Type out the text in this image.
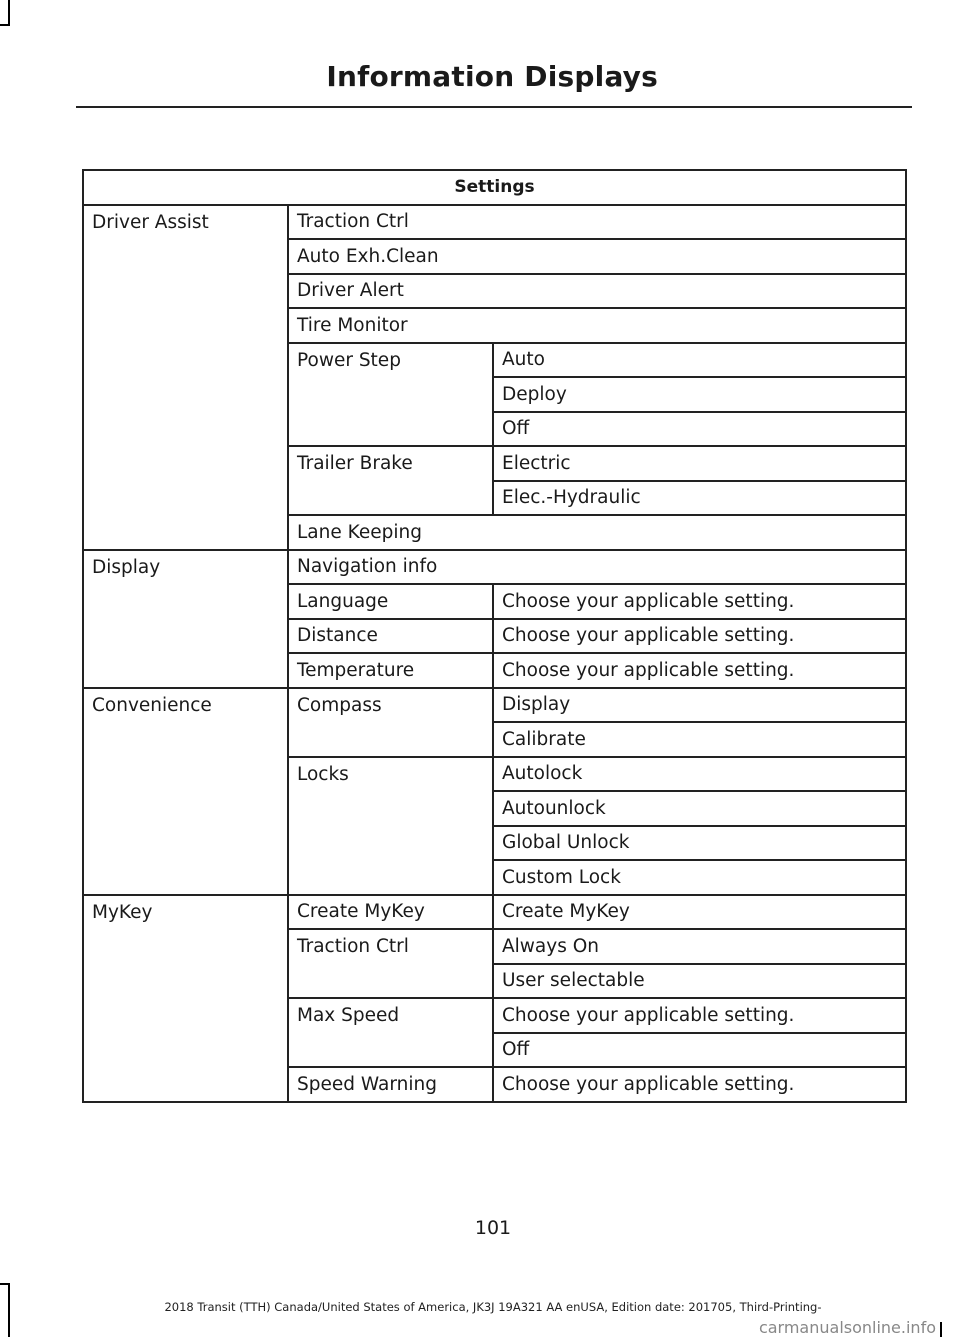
Information Displays
Settings		
Driver Assist	Traction Ctrl	
	Auto Exh.Clean	
	Driver Alert	
	Tire Monitor	
	Power Step	Auto
		Deploy
		Off
	Trailer Brake	Electric
		Elec.-Hydraulic
	Lane Keeping	
Display	Navigation info	
	Language	Choose your applicable setting.
	Distance	Choose your applicable setting.
	Temperature	Choose your applicable setting.
Convenience	Compass	Display
		Calibrate
	Locks	Autolock
		Autounlock
		Global Unlock
		Custom Lock
MyKey	Create MyKey	Create MyKey
	Traction Ctrl	Always On
		User selectable
	Max Speed	Choose your applicable setting.
		Off
	Speed Warning	Choose your applicable setting.
101
2018 Transit (TTH) Canada/United States of America, JK3J 19A321 AA enUSA, Edition date: 201705, Third-Printing-
carmanualsonline.info
